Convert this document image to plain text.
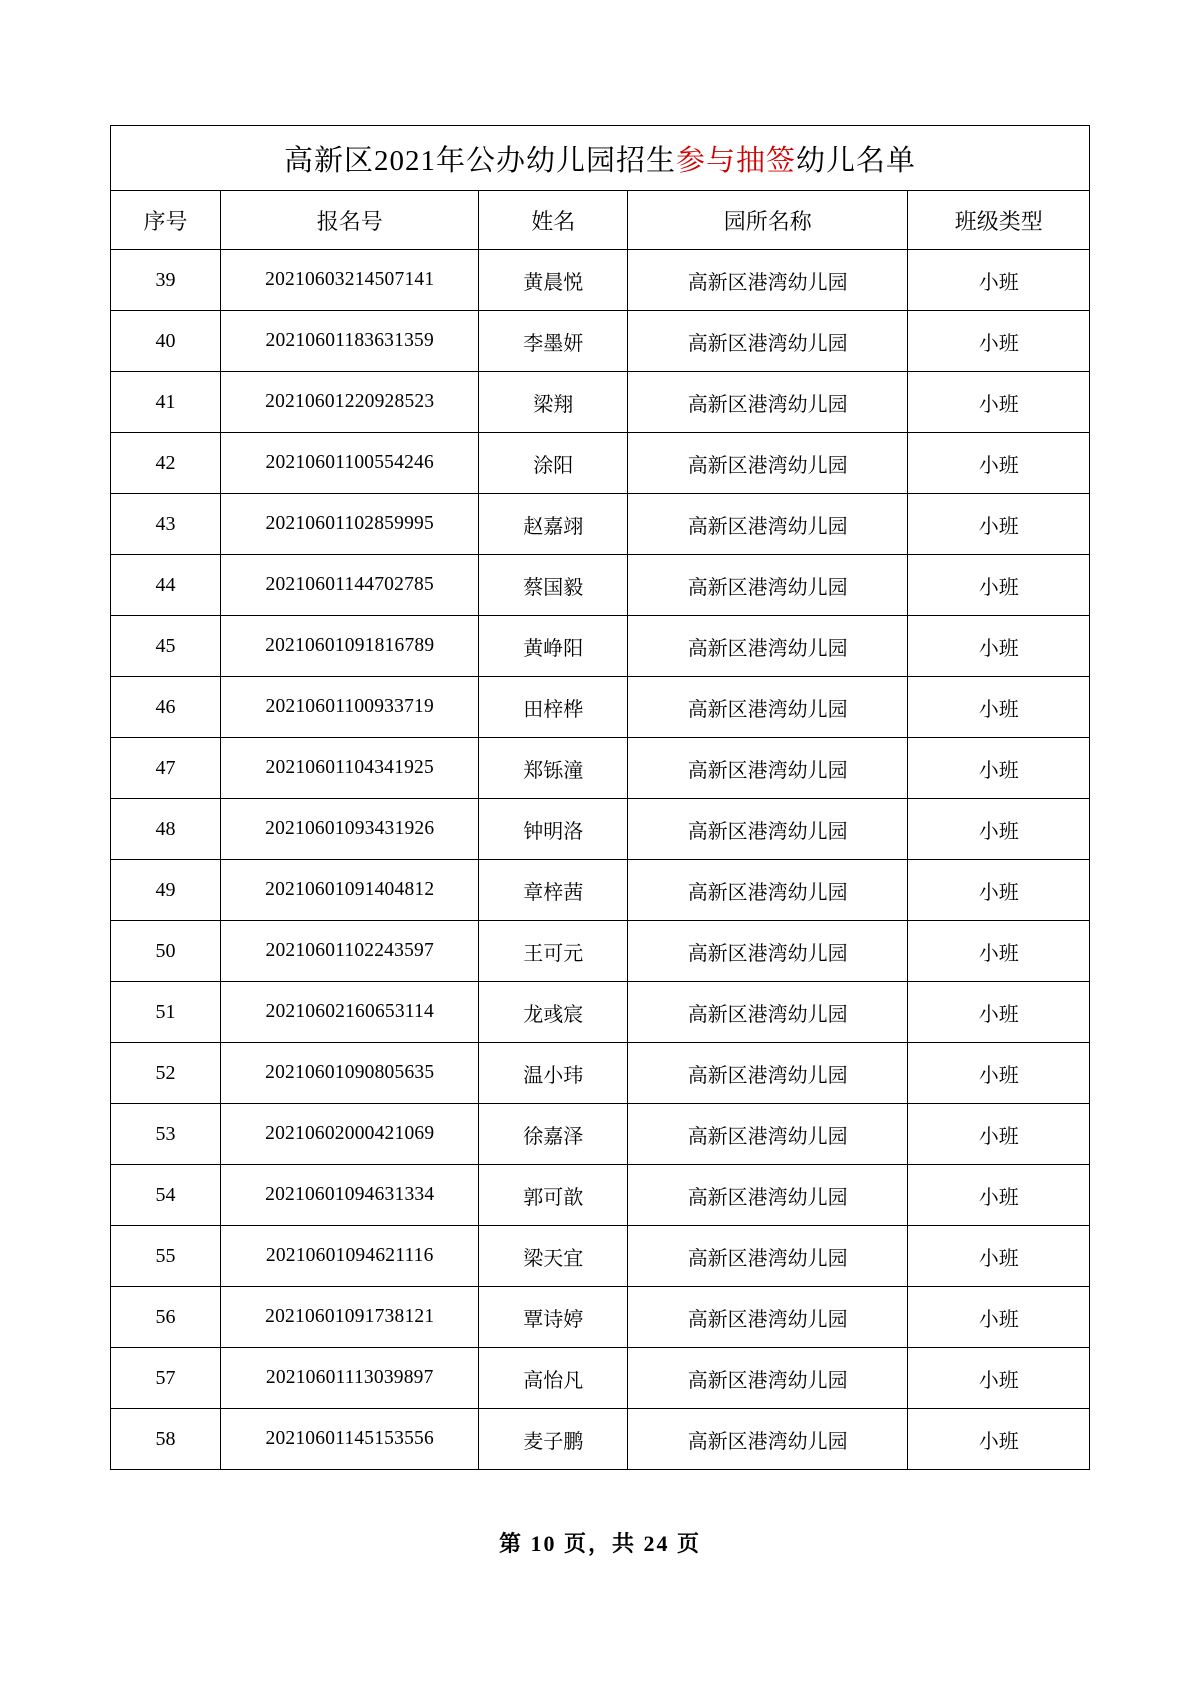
高新区2021年公办幼儿园招生参与抽签幼儿名单				
序号	报名号	姓名	园所名称	班级类型
39	20210603214507141	黄晨悦	高新区港湾幼儿园	小班
40	20210601183631359	李墨妍	高新区港湾幼儿园	小班
41	20210601220928523	梁翔	高新区港湾幼儿园	小班
42	20210601100554246	涂阳	高新区港湾幼儿园	小班
43	20210601102859995	赵嘉翊	高新区港湾幼儿园	小班
44	20210601144702785	蔡国毅	高新区港湾幼儿园	小班
45	20210601091816789	黄峥阳	高新区港湾幼儿园	小班
46	20210601100933719	田梓桦	高新区港湾幼儿园	小班
47	20210601104341925	郑铄潼	高新区港湾幼儿园	小班
48	20210601093431926	钟明洛	高新区港湾幼儿园	小班
49	20210601091404812	章梓茜	高新区港湾幼儿园	小班
50	20210601102243597	王可元	高新区港湾幼儿园	小班
51	20210602160653114	龙彧宸	高新区港湾幼儿园	小班
52	20210601090805635	温小玮	高新区港湾幼儿园	小班
53	20210602000421069	徐嘉泽	高新区港湾幼儿园	小班
54	20210601094631334	郭可歆	高新区港湾幼儿园	小班
55	20210601094621116	梁天宜	高新区港湾幼儿园	小班
56	20210601091738121	覃诗婷	高新区港湾幼儿园	小班
57	20210601113039897	高怡凡	高新区港湾幼儿园	小班
58	20210601145153556	麦子鹏	高新区港湾幼儿园	小班
第 10 页，共 24 页
